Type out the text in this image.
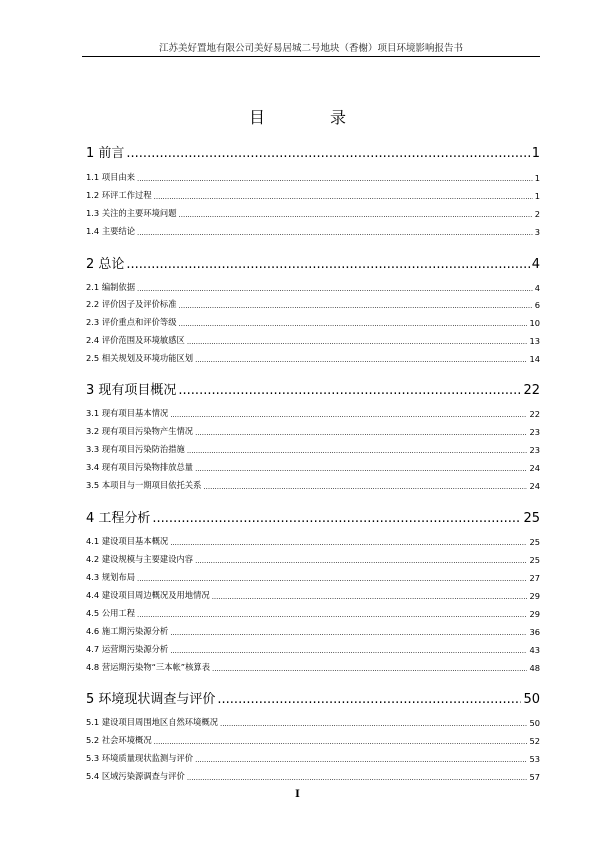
江苏美好置地有限公司美好易居城二号地块（香榭）项目环境影响报告书
目 录
1 前言 .....	1
1.1 项目由来 .....	1
1.2 环评工作过程 .....	1
1.3 关注的主要环境问题 .....	2
1.4 主要结论 .....	3
2 总论 .....	4
2.1 编制依据 .....	4
2.2 评价因子及评价标准 .....	6
2.3 评价重点和评价等级 .....	10
2.4 评价范围及环境敏感区 .....	13
2.5 相关规划及环境功能区划 .....	14
3 现有项目概况 .....	22
3.1 现有项目基本情况 .....	22
3.2 现有项目污染物产生情况 .....	23
3.3 现有项目污染防治措施 .....	23
3.4 现有项目污染物排放总量 .....	24
3.5 本项目与一期项目依托关系 .....	24
4 工程分析 .....	25
4.1 建设项目基本概况 .....	25
4.2 建设规模与主要建设内容 .....	25
4.3 规划布局 .....	27
4.4 建设项目周边概况及用地情况 .....	29
4.5 公用工程 .....	29
4.6 施工期污染源分析 .....	36
4.7 运营期污染源分析 .....	43
4.8 营运期污染物“三本帐”核算表 .....	48
5 环境现状调查与评价 .....	50
5.1 建设项目周围地区自然环境概况 .....	50
5.2 社会环境概况 .....	52
5.3 环境质量现状监测与评价 .....	53
5.4 区域污染源调查与评价 .....	57
I
